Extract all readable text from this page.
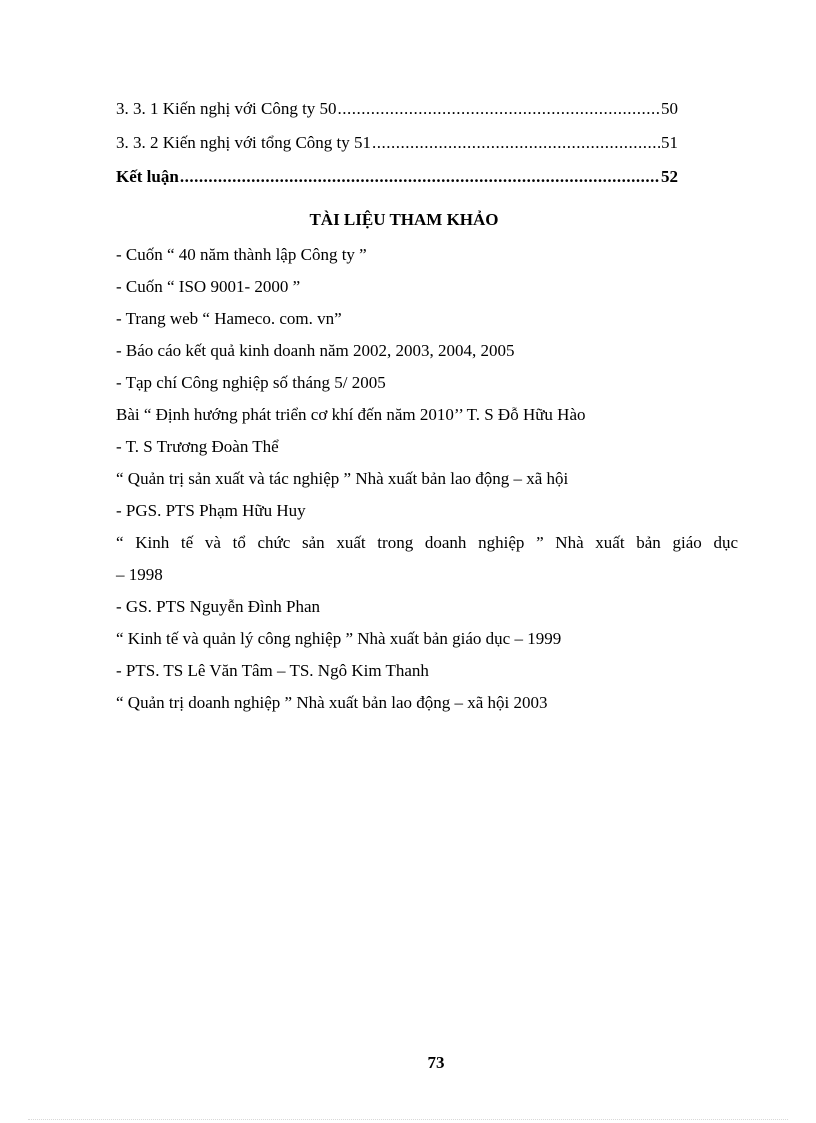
3. 3. 1 Kiến nghị với Công ty 50 .....	50
3. 3. 2 Kiến nghị với tổng Công ty 51 .....	51
Kết luận .....	52
TÀI LIỆU THAM KHẢO
- Cuốn “ 40 năm thành lập Công ty ”
- Cuốn “ ISO 9001- 2000 ”
- Trang web “ Hameco. com. vn”
- Báo cáo kết quả kinh doanh năm 2002, 2003, 2004, 2005
- Tạp chí Công nghiệp số tháng 5/ 2005
Bài “ Định hướng phát triển cơ khí đến năm 2010’’ T. S Đỗ Hữu Hào
- T. S Trương Đoàn Thể
“ Quản trị sản xuất và tác nghiệp ” Nhà xuất bản lao động – xã hội
- PGS. PTS Phạm Hữu Huy
“ Kinh tế và tổ chức sản xuất trong doanh nghiệp ” Nhà xuất bản giáo dục
– 1998
- GS. PTS Nguyễn Đình Phan
“ Kinh tế và quản lý công nghiệp ” Nhà xuất bản giáo dục – 1999
- PTS. TS Lê Văn Tâm – TS. Ngô Kim Thanh
“ Quản trị doanh nghiệp ” Nhà xuất bản lao động – xã hội 2003
73
